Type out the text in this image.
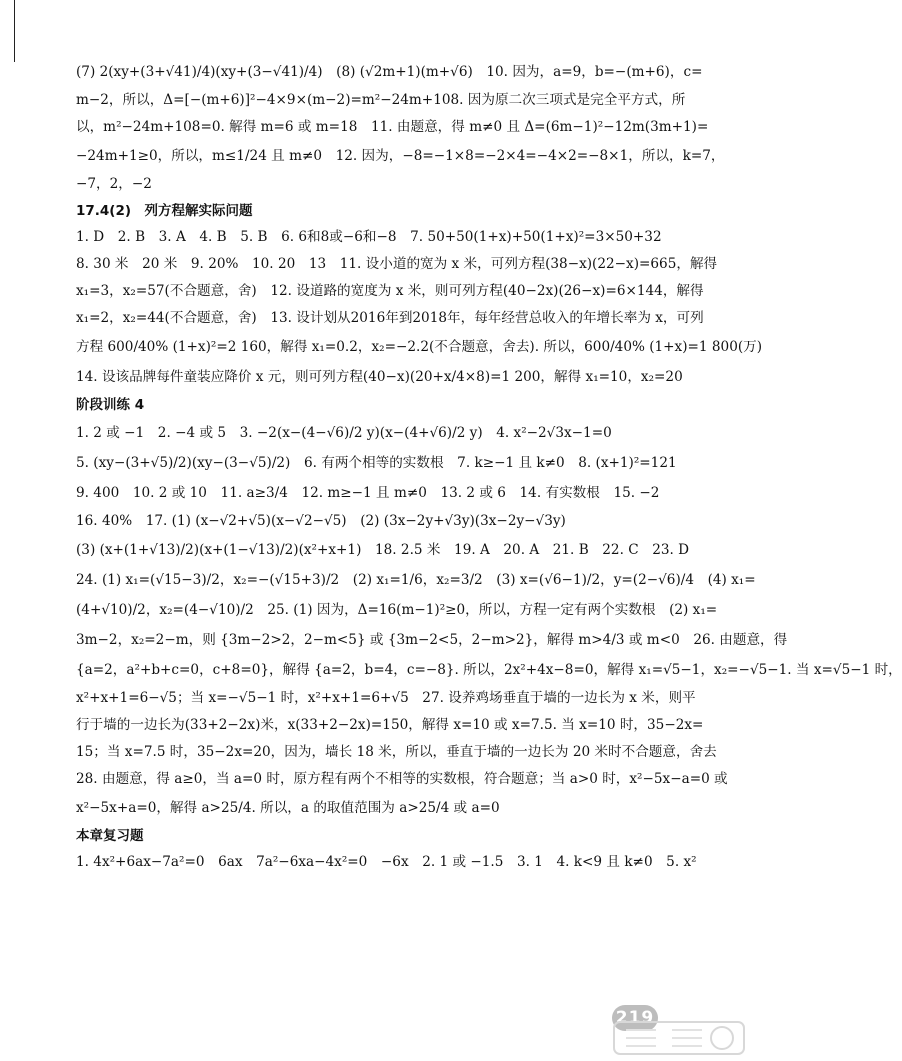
(7) 2(xy+(3+√41)/4)(xy+(3−√41)/4)　(8) (√2m+1)(m+√6)　10. 因为，a=9，b=−(m+6)，c=
m−2，所以，Δ=[−(m+6)]²−4×9×(m−2)=m²−24m+108. 因为原二次三项式是完全平方式，所
以，m²−24m+108=0. 解得 m=6 或 m=18　11. 由题意，得 m≠0 且 Δ=(6m−1)²−12m(3m+1)=
−24m+1≥0，所以，m≤1/24 且 m≠0　12. 因为，−8=−1×8=−2×4=−4×2=−8×1，所以，k=7，
−7，2，−2
17.4(2)　列方程解实际问题
1. D　2. B　3. A　4. B　5. B　6. 6和8或−6和−8　7. 50+50(1+x)+50(1+x)²=3×50+32
8. 30 米　20 米　9. 20%　10. 20　13　11. 设小道的宽为 x 米，可列方程(38−x)(22−x)=665，解得
x₁=3，x₂=57(不合题意，舍)　12. 设道路的宽度为 x 米，则可列方程(40−2x)(26−x)=6×144，解得
x₁=2，x₂=44(不合题意，舍)　13. 设计划从2016年到2018年，每年经营总收入的年增长率为 x，可列
方程 600/40% (1+x)²=2 160，解得 x₁=0.2，x₂=−2.2(不合题意，舍去). 所以，600/40% (1+x)=1 800(万)
14. 设该品牌每件童装应降价 x 元，则可列方程(40−x)(20+x/4×8)=1 200，解得 x₁=10，x₂=20
阶段训练 4
1. 2 或 −1　2. −4 或 5　3. −2(x−(4−√6)/2 y)(x−(4+√6)/2 y)　4. x²−2√3x−1=0
5. (xy−(3+√5)/2)(xy−(3−√5)/2)　6. 有两个相等的实数根　7. k≥−1 且 k≠0　8. (x+1)²=121
9. 400　10. 2 或 10　11. a≥3/4　12. m≥−1 且 m≠0　13. 2 或 6　14. 有实数根　15. −2
16. 40%　17. (1) (x−√2+√5)(x−√2−√5)　(2) (3x−2y+√3y)(3x−2y−√3y)
(3) (x+(1+√13)/2)(x+(1−√13)/2)(x²+x+1)　18. 2.5 米　19. A　20. A　21. B　22. C　23. D
24. (1) x₁=(√15−3)/2，x₂=−(√15+3)/2　(2) x₁=1/6，x₂=3/2　(3) x=(√6−1)/2，y=(2−√6)/4　(4) x₁=
(4+√10)/2，x₂=(4−√10)/2　25. (1) 因为，Δ=16(m−1)²≥0，所以，方程一定有两个实数根　(2) x₁=
3m−2，x₂=2−m，则 {3m−2>2，2−m<5} 或 {3m−2<5，2−m>2}，解得 m>4/3 或 m<0　26. 由题意，得
{a=2，a²+b+c=0，c+8=0}，解得 {a=2，b=4，c=−8}. 所以，2x²+4x−8=0，解得 x₁=√5−1，x₂=−√5−1. 当 x=√5−1 时，
x²+x+1=6−√5；当 x=−√5−1 时，x²+x+1=6+√5　27. 设养鸡场垂直于墙的一边长为 x 米，则平
行于墙的一边长为(33+2−2x)米，x(33+2−2x)=150，解得 x=10 或 x=7.5. 当 x=10 时，35−2x=
15；当 x=7.5 时，35−2x=20，因为，墙长 18 米，所以，垂直于墙的一边长为 20 米时不合题意，舍去
28. 由题意，得 a≥0，当 a=0 时，原方程有两个不相等的实数根，符合题意；当 a>0 时，x²−5x−a=0 或
x²−5x+a=0，解得 a>25/4. 所以，a 的取值范围为 a>25/4 或 a=0
本章复习题
1. 4x²+6ax−7a²=0　6ax　7a²−6xa−4x²=0　−6x　2. 1 或 −1.5　3. 1　4. k<9 且 k≠0　5. x²
219
